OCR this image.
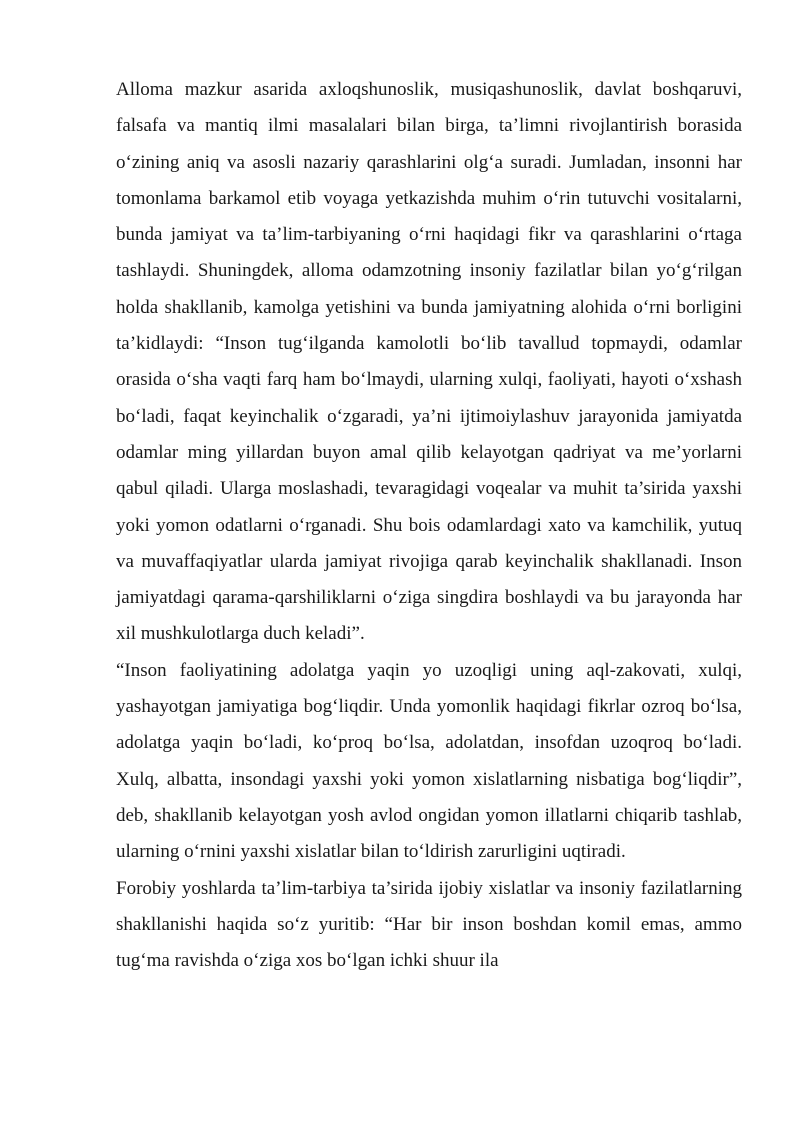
Alloma mazkur asarida axloqshunoslik, musiqashunoslik, davlat boshqaruvi, falsafa va mantiq ilmi masalalari bilan birga, ta’limni rivojlantirish borasida o‘zining aniq va asosli nazariy qarashlarini olg‘a suradi. Jumladan, insonni har tomonlama barkamol etib voyaga yetkazishda muhim o‘rin tutuvchi vositalarni, bunda jamiyat va ta’lim-tarbiyaning o‘rni haqidagi fikr va qarashlarini o‘rtaga tashlaydi. Shuningdek, alloma odamzotning insoniy fazilatlar bilan yo‘g‘rilgan holda shakllanib, kamolga yetishini va bunda jamiyatning alohida o‘rni borligini ta’kidlaydi: “Inson tug‘ilganda kamolotli bo‘lib tavallud topmaydi, odamlar orasida o‘sha vaqti farq ham bo‘lmaydi, ularning xulqi, faoliyati, hayoti o‘xshash bo‘ladi, faqat keyinchalik o‘zgaradi, ya’ni ijtimoiylashuv jarayonida jamiyatda odamlar ming yillardan buyon amal qilib kelayotgan qadriyat va me’yorlarni qabul qiladi. Ularga moslashadi, tevaragidagi voqealar va muhit ta’sirida yaxshi yoki yomon odatlarni o‘rganadi. Shu bois odamlardagi xato va kamchilik, yutuq va muvaffaqiyatlar ularda jamiyat rivojiga qarab keyinchalik shakllanadi. Inson jamiyatdagi qarama-qarshiliklarni o‘ziga singdira boshlaydi va bu jarayonda har xil mushkulotlarga duch keladi”.

“Inson faoliyatining adolatga yaqin yo uzoqligi uning aql-zakovati, xulqi, yashayotgan jamiyatiga bog‘liqdir. Unda yomonlik haqidagi fikrlar ozroq bo‘lsa, adolatga yaqin bo‘ladi, ko‘proq bo‘lsa, adolatdan, insofdan uzoqroq bo‘ladi. Xulq, albatta, insondagi yaxshi yoki yomon xislatlarning nisbatiga bog‘liqdir”, deb, shakllanib kelayotgan yosh avlod ongidan yomon illatlarni chiqarib tashlab, ularning o‘rnini yaxshi xislatlar bilan to‘ldirish zarurligini uqtiradi.

Forobiy yoshlarda ta’lim-tarbiya ta’sirida ijobiy xislatlar va insoniy fazilatlarning shakllanishi haqida so‘z yuritib: “Har bir inson boshdan komil emas, ammo tug‘ma ravishda o‘ziga xos bo‘lgan ichki shuur ila
